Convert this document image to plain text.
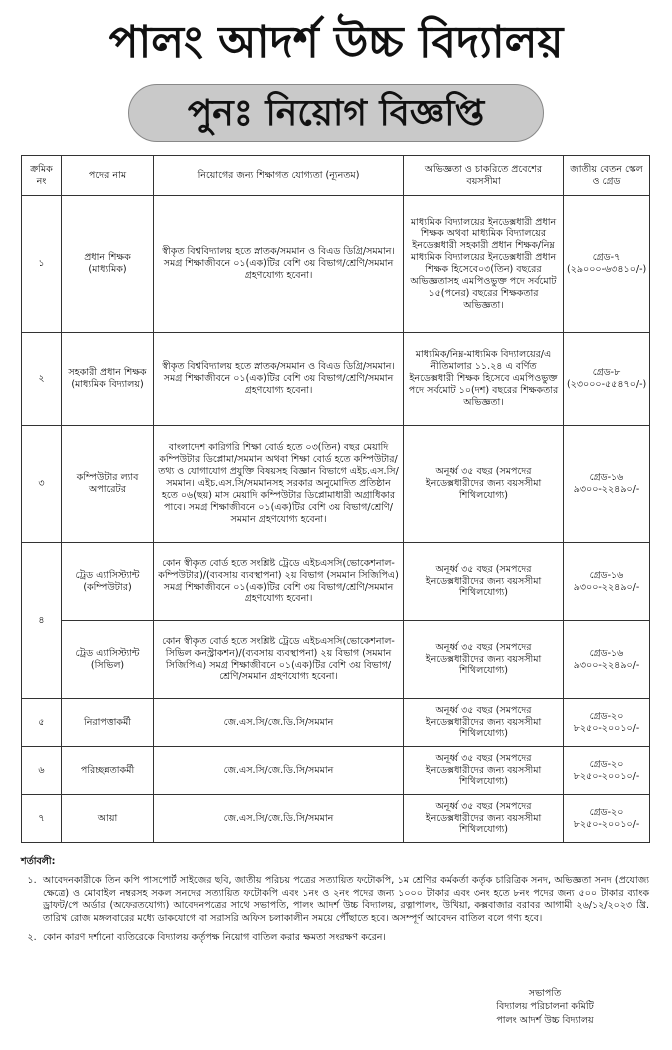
পালং আদর্শ উচ্চ বিদ্যালয়
পুনঃ নিয়োগ বিজ্ঞপ্তি
ক্রমিক নং	পদের নাম	নিয়োগের জন্য শিক্ষাগত যোগ্যতা (ন্যূনতম)	অভিজ্ঞতা ও চাকরিতে প্রবেশের বয়সসীমা	জাতীয় বেতন স্কেল ও গ্রেড
১	প্রধান শিক্ষক (মাধ্যমিক)	স্বীকৃত বিশ্ববিদ্যালয় হতে স্নাতক/সমমান ও বিএড ডিগ্রি/সমমান। সমগ্র শিক্ষাজীবনে ০১(এক)টির বেশি ৩য় বিভাগ/শ্রেণি/সমমান গ্রহণযোগ্য হবেনা।	মাধ্যমিক বিদ্যালয়ের ইনডেক্সধারী প্রধান শিক্ষক অথবা মাধ্যমিক বিদ্যালয়ের ইনডেক্সধারী সহকারী প্রধান শিক্ষক/নিম্ন মাধ্যমিক বিদ্যালয়ের ইনডেক্সধারী প্রধান শিক্ষক হিসেবে০৩(তিন) বছরের অভিজ্ঞতাসহ এমপিওভুক্ত পদে সর্বমোট ১৫(পনের) বছরের শিক্ষকতার অভিজ্ঞতা।	গ্রেড-৭ (২৯০০০-৬৩৪১০/-)
২	সহকারী প্রধান শিক্ষক (মাধ্যমিক বিদ্যালয়)	স্বীকৃত বিশ্ববিদ্যালয় হতে স্নাতক/সমমান ও বিএড ডিগ্রি/সমমান। সমগ্র শিক্ষাজীবনে ০১(এক)টির বেশি ৩য় বিভাগ/শ্রেণি/সমমান গ্রহণযোগ্য হবেনা।	মাধ্যমিক/নিম্ন-মাধ্যমিক বিদ্যালয়ের/এ নীতিমালার ১১.২৪ এ বর্ণিত ইনডেক্সধারী শিক্ষক হিসেবে এমপিওভুক্ত পদে সর্বমোট ১০(দশ) বছরের শিক্ষকতার অভিজ্ঞতা।	গ্রেড-৮ (২৩০০০-৫৫৪৭০/-)
৩	কম্পিউটার ল্যাব অপারেটর	বাংলাদেশ কারিগরি শিক্ষা বোর্ড হতে ০৩(তিন) বছর মেয়াদি কম্পিউটার ডিপ্লোমা/সমমান অথবা শিক্ষা বোর্ড হতে কম্পিউটার/তথ্য ও যোগাযোগ প্রযুক্তি বিষয়সহ বিজ্ঞান বিভাগে এইচ.এস.সি/সমমান। এইচ.এস.সি/সমমানসহ সরকার অনুমোদিত প্রতিষ্ঠান হতে ০৬(ছয়) মাস মেয়াদি কম্পিউটার ডিপ্লোমাধারী অগ্রাধিকার পাবে। সমগ্র শিক্ষাজীবনে ০১(এক)টির বেশি ৩য় বিভাগ/শ্রেণি/সমমান গ্রহণযোগ্য হবেনা।	অনূর্ধ্ব ৩৫ বছর (সমপদের ইনডেক্সধারীদের জন্য বয়সসীমা শিথিলযোগ্য)	গ্রেড-১৬ ৯৩০০-২২৪৯০/-
৪	ট্রেড এ্যাসিস্ট্যান্ট (কম্পিউটার)	কোন স্বীকৃত বোর্ড হতে সংশ্লিষ্ট ট্রেডে এইচএসসি(ভোকেশনাল-কম্পিউটার)/(ব্যবসায় ব্যবস্থাপনা) ২য় বিভাগ (সমমান সিজিপিএ) সমগ্র শিক্ষাজীবনে ০১(এক)টির বেশি ৩য় বিভাগ/শ্রেণি/সমমান গ্রহণযোগ্য হবেনা।	অনূর্ধ্ব ৩৫ বছর (সমপদের ইনডেক্সধারীদের জন্য বয়সসীমা শিথিলযোগ্য)	গ্রেড-১৬ ৯৩০০-২২৪৯০/-
	ট্রেড এ্যাসিস্ট্যান্ট (সিভিল)	কোন স্বীকৃত বোর্ড হতে সংশ্লিষ্ট ট্রেডে এইচএসসি(ভোকেশনাল-সিভিল কনস্ট্রাকশন)/(ব্যবসায় ব্যবস্থাপনা) ২য় বিভাগ (সমমান সিজিপিএ) সমগ্র শিক্ষাজীবনে ০১(এক)টির বেশি ৩য় বিভাগ/শ্রেণি/সমমান গ্রহণযোগ্য হবেনা।	অনূর্ধ্ব ৩৫ বছর (সমপদের ইনডেক্সধারীদের জন্য বয়সসীমা শিথিলযোগ্য)	গ্রেড-১৬ ৯৩০০-২২৪৯০/-
৫	নিরাপত্তাকর্মী	জে.এস.সি/জে.ডি.সি/সমমান	অনূর্ধ্ব ৩৫ বছর (সমপদের ইনডেক্সধারীদের জন্য বয়সসীমা শিথিলযোগ্য)	গ্রেড-২০ ৮২৫০-২০০১০/-
৬	পরিচ্ছন্নতাকর্মী	জে.এস.সি/জে.ডি.সি/সমমান	অনূর্ধ্ব ৩৫ বছর (সমপদের ইনডেক্সধারীদের জন্য বয়সসীমা শিথিলযোগ্য)	গ্রেড-২০ ৮২৫০-২০০১০/-
৭	আয়া	জে.এস.সি/জে.ডি.সি/সমমান	অনূর্ধ্ব ৩৫ বছর (সমপদের ইনডেক্সধারীদের জন্য বয়সসীমা শিথিলযোগ্য)	গ্রেড-২০ ৮২৫০-২০০১০/-
শর্তাবলী:
১. আবেদনকারীকে তিন কপি পাসপোর্ট সাইজের ছবি, জাতীয় পরিচয় পত্রের সত্যায়িত ফটোকপি, ১ম শ্রেণির কর্মকর্তা কর্তৃক চারিত্রিক সনদ, অভিজ্ঞতা সনদ (প্রযোজ্য ক্ষেত্রে) ও মোবাইল নম্বরসহ সকল সনদের সত্যায়িত ফটোকপি এবং ১নং ও ২নং পদের জন্য ১০০০ টাকার এবং ৩নং হতে ৮নং পদের জন্য ৫০০ টাকার ব্যাংক ড্রাফট/পে অর্ডার (অফেরতযোগ্য) আবেদনপত্রের সাথে সভাপতি, পালং আদর্শ উচ্চ বিদ্যালয়, রত্নাপালং, উখিয়া, কক্সবাজার বরাবর আগামী ২৬/১২/২০২৩ খ্রি. তারিখ রোজ মঙ্গলবারের মধ্যে ডাকযোগে বা সরাসরি অফিস চলাকালীন সময়ে পৌঁছাতে হবে। অসম্পূর্ণ আবেদন বাতিল বলে গণ্য হবে।
২. কোন কারণ দর্শানো ব্যতিরেকে বিদ্যালয় কর্তৃপক্ষ নিয়োগ বাতিল করার ক্ষমতা সংরক্ষণ করেন।
সভাপতি
বিদ্যালয় পরিচালনা কমিটি
পালং আদর্শ উচ্চ বিদ্যালয়
